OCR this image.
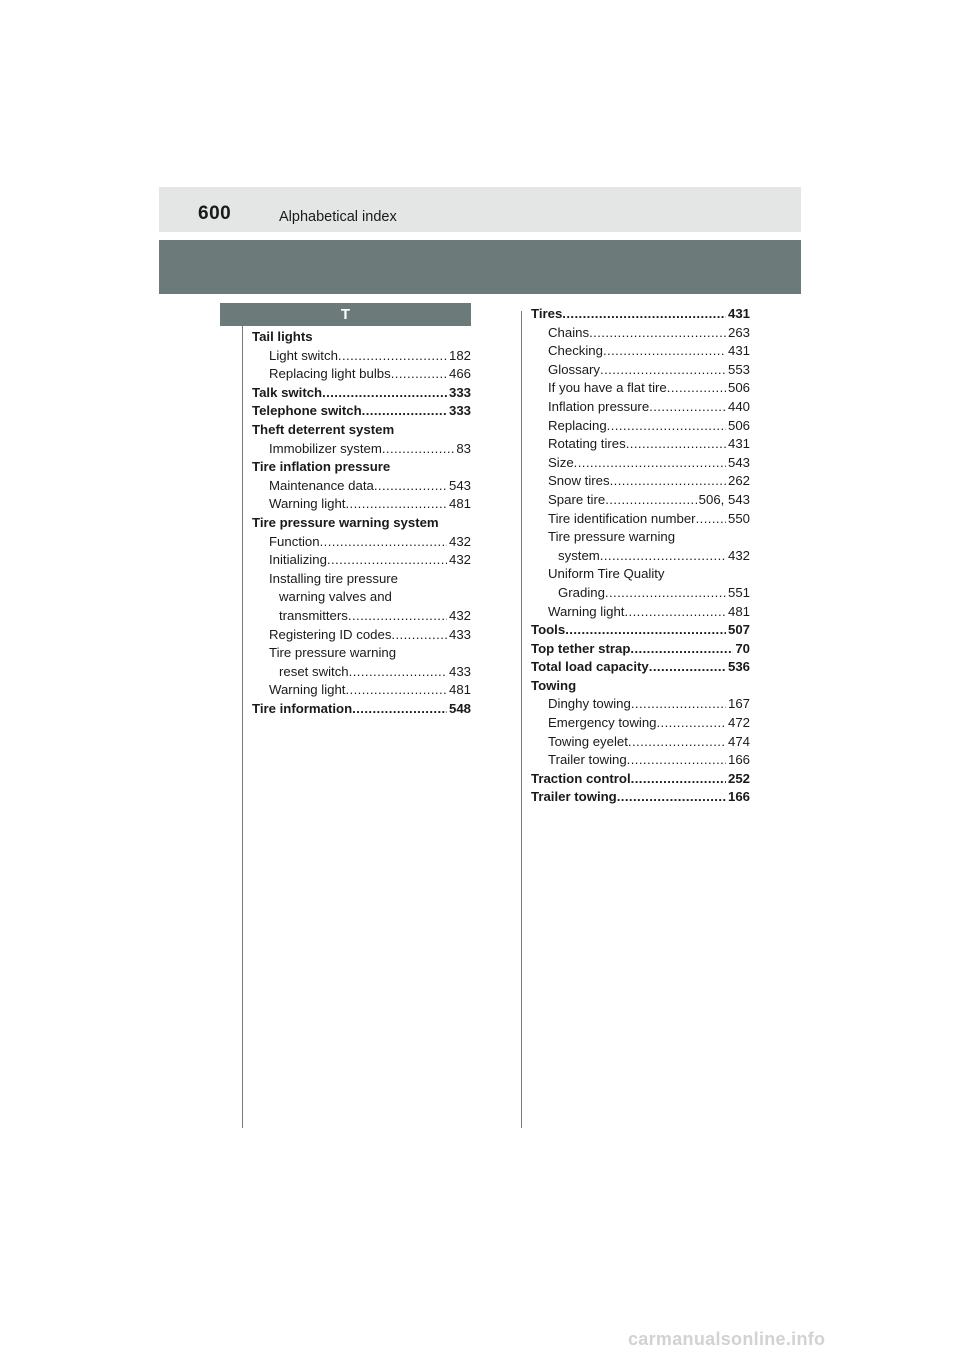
600	Alphabetical index
T
Tail lights
Light switch .....	182
Replacing light bulbs .....	466
Talk switch .....	333
Telephone switch .....	333
Theft deterrent system
Immobilizer system .....	83
Tire inflation pressure
Maintenance data .....	543
Warning light .....	481
Tire pressure warning system
Function .....	432
Initializing .....	432
Installing tire pressure
warning valves and
transmitters .....	432
Registering ID codes .....	433
Tire pressure warning
reset switch .....	433
Warning light .....	481
Tire information .....	548
Tires .....	431
Chains .....	263
Checking .....	431
Glossary .....	553
If you have a flat tire .....	506
Inflation pressure .....	440
Replacing .....	506
Rotating tires .....	431
Size .....	543
Snow tires .....	262
Spare tire .....	506, 543
Tire identification number ..... 550
Tire pressure warning
system .....	432
Uniform Tire Quality
Grading .....	551
Warning light .....	481
Tools .....	507
Top tether strap .....	70
Total load capacity .....	536
Towing
Dinghy towing .....	167
Emergency towing .....	472
Towing eyelet .....	474
Trailer towing .....	166
Traction control .....	252
Trailer towing .....	166
carmanualsonline.info
